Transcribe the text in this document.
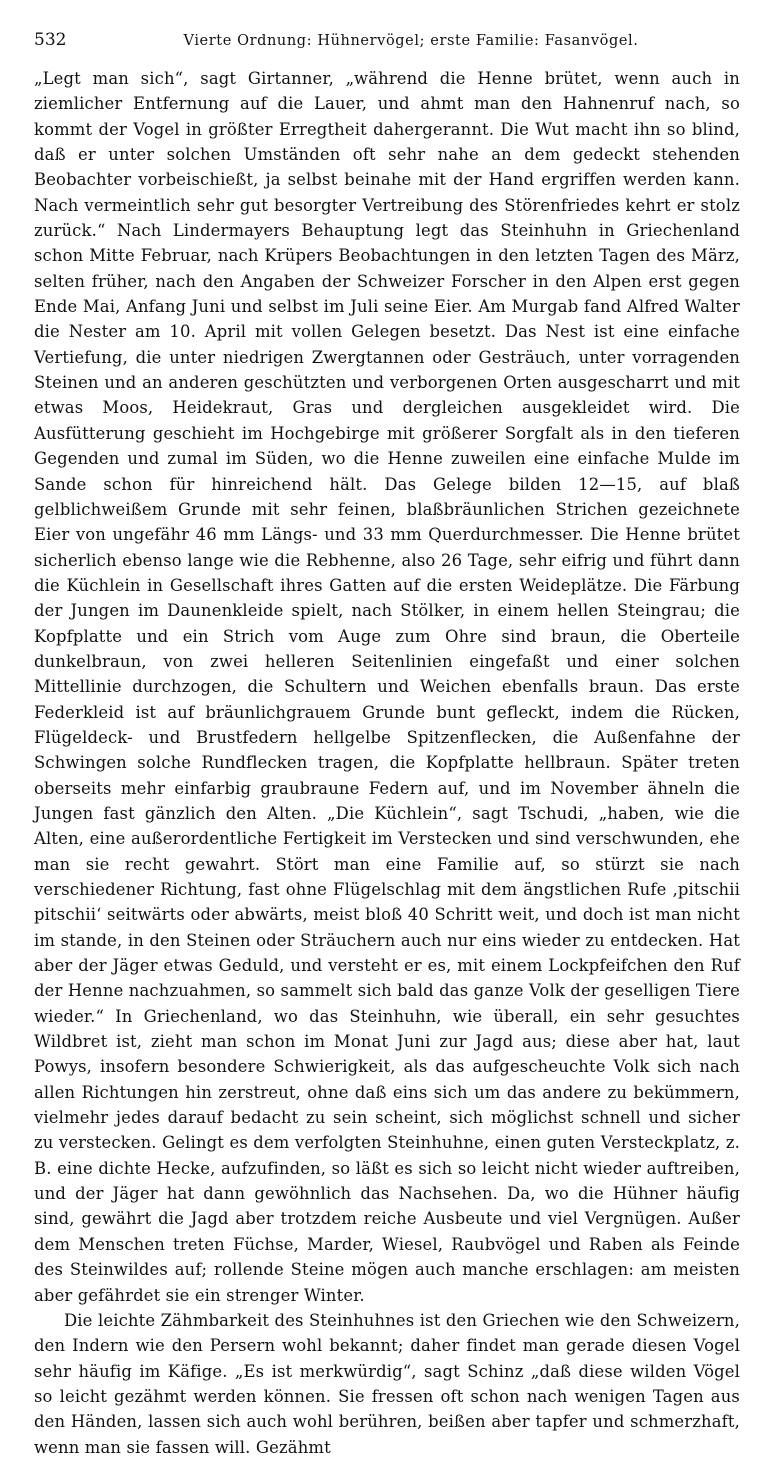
532	Vierte Ordnung: Hühnervögel; erste Familie: Fasanvögel.

„Legt man sich“, sagt Girtanner, „während die Henne brütet, wenn auch in ziemlicher Entfernung auf die Lauer, und ahmt man den Hahnenruf nach, so kommt der Vogel in größter Erregtheit dahergerannt. Die Wut macht ihn so blind, daß er unter solchen Umständen oft sehr nahe an dem gedeckt stehenden Beobachter vorbeischießt, ja selbst beinahe mit der Hand ergriffen werden kann. Nach vermeintlich sehr gut besorgter Vertreibung des Störenfriedes kehrt er stolz zurück.“ Nach Lindermayers Behauptung legt das Steinhuhn in Griechenland schon Mitte Februar, nach Krüpers Beobachtungen in den letzten Tagen des März, selten früher, nach den Angaben der Schweizer Forscher in den Alpen erst gegen Ende Mai, Anfang Juni und selbst im Juli seine Eier. Am Murgab fand Alfred Walter die Nester am 10. April mit vollen Gelegen besetzt. Das Nest ist eine einfache Vertiefung, die unter niedrigen Zwergtannen oder Gesträuch, unter vorragenden Steinen und an anderen geschützten und verborgenen Orten ausgescharrt und mit etwas Moos, Heidekraut, Gras und dergleichen ausgekleidet wird. Die Ausfütterung geschieht im Hochgebirge mit größerer Sorgfalt als in den tieferen Gegenden und zumal im Süden, wo die Henne zuweilen eine einfache Mulde im Sande schon für hinreichend hält. Das Gelege bilden 12—15, auf blaß gelblichweißem Grunde mit sehr feinen, blaßbräunlichen Strichen gezeichnete Eier von ungefähr 46 mm Längs- und 33 mm Querdurchmesser. Die Henne brütet sicherlich ebenso lange wie die Rebhenne, also 26 Tage, sehr eifrig und führt dann die Küchlein in Gesellschaft ihres Gatten auf die ersten Weideplätze. Die Färbung der Jungen im Daunenkleide spielt, nach Stölker, in einem hellen Steingrau; die Kopfplatte und ein Strich vom Auge zum Ohre sind braun, die Oberteile dunkelbraun, von zwei helleren Seitenlinien eingefaßt und einer solchen Mittellinie durchzogen, die Schultern und Weichen ebenfalls braun. Das erste Federkleid ist auf bräunlichgrauem Grunde bunt gefleckt, indem die Rücken, Flügeldeck- und Brustfedern hellgelbe Spitzenflecken, die Außenfahne der Schwingen solche Rundflecken tragen, die Kopfplatte hellbraun. Später treten oberseits mehr einfarbig graubraune Federn auf, und im November ähneln die Jungen fast gänzlich den Alten. „Die Küchlein“, sagt Tschudi, „haben, wie die Alten, eine außerordentliche Fertigkeit im Verstecken und sind verschwunden, ehe man sie recht gewahrt. Stört man eine Familie auf, so stürzt sie nach verschiedener Richtung, fast ohne Flügelschlag mit dem ängstlichen Rufe ‚pitschii pitschii‘ seitwärts oder abwärts, meist bloß 40 Schritt weit, und doch ist man nicht im stande, in den Steinen oder Sträuchern auch nur eins wieder zu entdecken. Hat aber der Jäger etwas Geduld, und versteht er es, mit einem Lockpfeifchen den Ruf der Henne nachzuahmen, so sammelt sich bald das ganze Volk der geselligen Tiere wieder.“ In Griechenland, wo das Steinhuhn, wie überall, ein sehr gesuchtes Wildbret ist, zieht man schon im Monat Juni zur Jagd aus; diese aber hat, laut Powys, insofern besondere Schwierigkeit, als das aufgescheuchte Volk sich nach allen Richtungen hin zerstreut, ohne daß eins sich um das andere zu bekümmern, vielmehr jedes darauf bedacht zu sein scheint, sich möglichst schnell und sicher zu verstecken. Gelingt es dem verfolgten Steinhuhne, einen guten Versteckplatz, z. B. eine dichte Hecke, aufzufinden, so läßt es sich so leicht nicht wieder auftreiben, und der Jäger hat dann gewöhnlich das Nachsehen. Da, wo die Hühner häufig sind, gewährt die Jagd aber trotzdem reiche Ausbeute und viel Vergnügen. Außer dem Menschen treten Füchse, Marder, Wiesel, Raubvögel und Raben als Feinde des Steinwildes auf; rollende Steine mögen auch manche erschlagen: am meisten aber gefährdet sie ein strenger Winter.

Die leichte Zähmbarkeit des Steinhuhnes ist den Griechen wie den Schweizern, den Indern wie den Persern wohl bekannt; daher findet man gerade diesen Vogel sehr häufig im Käfige. „Es ist merkwürdig“, sagt Schinz „daß diese wilden Vögel so leicht gezähmt werden können. Sie fressen oft schon nach wenigen Tagen aus den Händen, lassen sich auch wohl berühren, beißen aber tapfer und schmerzhaft, wenn man sie fassen will. Gezähmt
